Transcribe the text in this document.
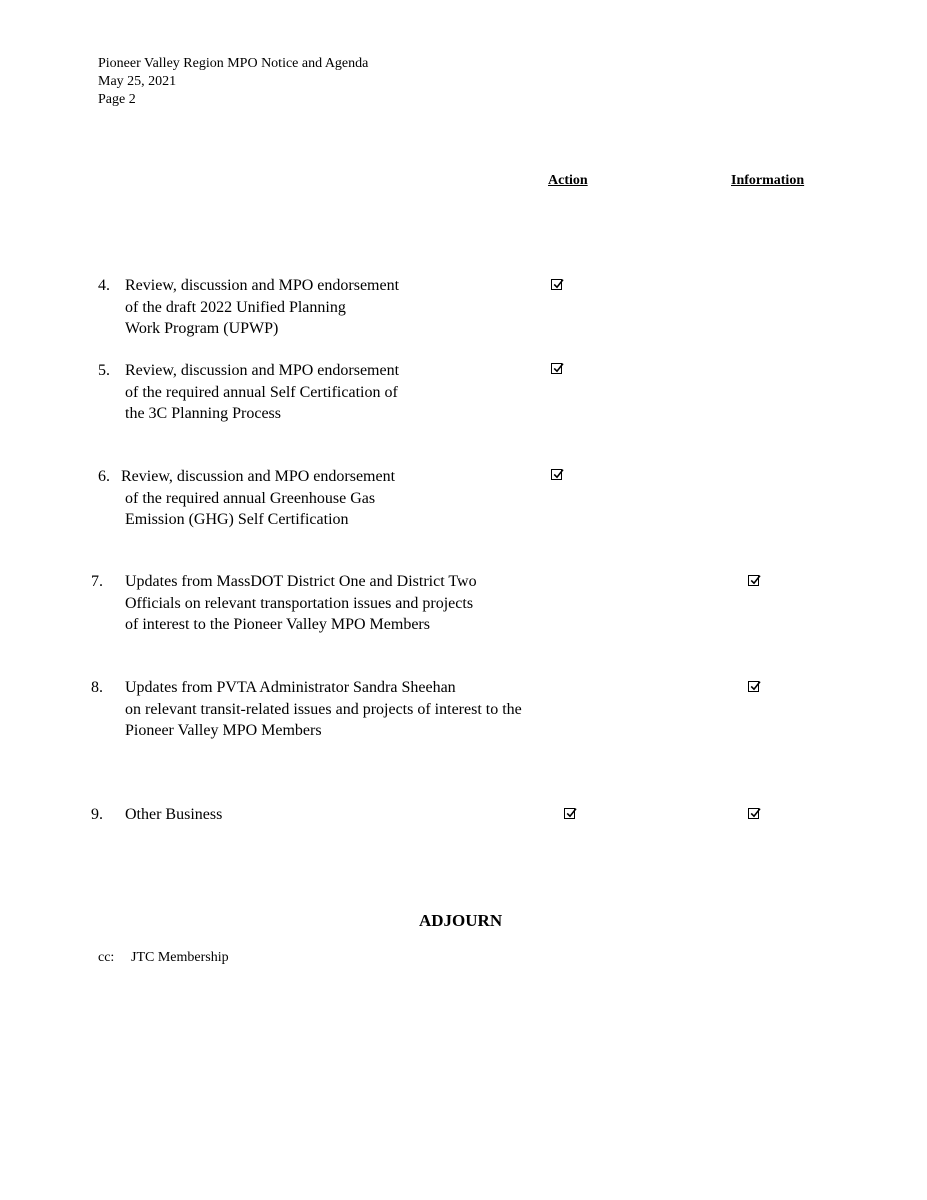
Pioneer Valley Region MPO Notice and Agenda
May 25, 2021
Page 2
Action	Information
4. Review, discussion and MPO endorsement
of the draft 2022 Unified Planning
Work Program (UPWP)
5. Review, discussion and MPO endorsement
of the required annual Self Certification of
the 3C Planning Process
6. Review, discussion and MPO endorsement
of the required annual Greenhouse Gas
Emission (GHG) Self Certification
7. Updates from MassDOT District One and District Two
Officials on relevant transportation issues and projects
of interest to the Pioneer Valley MPO Members
8. Updates from PVTA Administrator Sandra Sheehan
on relevant transit-related issues and projects of interest to the
Pioneer Valley MPO Members
9. Other Business
ADJOURN
cc: JTC Membership
